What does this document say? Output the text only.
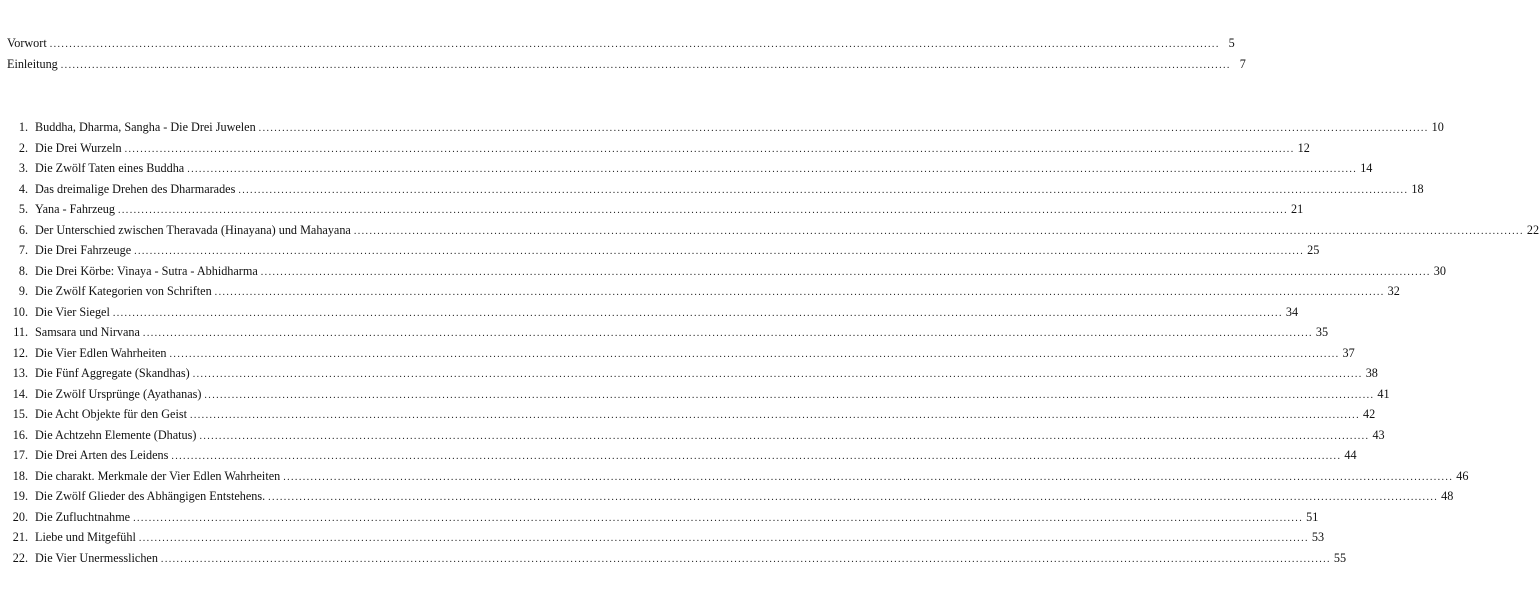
Vorwort ............................................................................................................................................................................................................................................................................................................ 5
Einleitung ............................................................................................................................................................................................................................................................................................................ 7
1. Buddha, Dharma, Sangha - Die Drei Juwelen ............................................................................................................................................................................................................................................................................................................ 10
2. Die Drei Wurzeln ............................................................................................................................................................................................................................................................................................................ 12
3. Die Zwölf Taten eines Buddha ............................................................................................................................................................................................................................................................................................................ 14
4. Das dreimalige Drehen des Dharmarades ............................................................................................................................................................................................................................................................................................................ 18
5. Yana - Fahrzeug ............................................................................................................................................................................................................................................................................................................ 21
6. Der Unterschied zwischen Theravada (Hinayana) und Mahayana ............................................................................................................................................................................................................................................................................................................ 22
7. Die Drei Fahrzeuge ............................................................................................................................................................................................................................................................................................................ 25
8. Die Drei Körbe: Vinaya - Sutra - Abhidharma ............................................................................................................................................................................................................................................................................................................ 30
9. Die Zwölf Kategorien von Schriften ............................................................................................................................................................................................................................................................................................................ 32
10. Die Vier Siegel ............................................................................................................................................................................................................................................................................................................ 34
11. Samsara und Nirvana ............................................................................................................................................................................................................................................................................................................ 35
12. Die Vier Edlen Wahrheiten ............................................................................................................................................................................................................................................................................................................ 37
13. Die Fünf Aggregate (Skandhas) ............................................................................................................................................................................................................................................................................................................ 38
14. Die Zwölf Ursprünge (Ayathanas) ............................................................................................................................................................................................................................................................................................................ 41
15. Die Acht Objekte für den Geist ............................................................................................................................................................................................................................................................................................................ 42
16. Die Achtzehn Elemente (Dhatus) ............................................................................................................................................................................................................................................................................................................ 43
17. Die Drei Arten des Leidens ............................................................................................................................................................................................................................................................................................................ 44
18. Die charakt. Merkmale der Vier Edlen Wahrheiten ............................................................................................................................................................................................................................................................................................................ 46
19. Die Zwölf Glieder des Abhängigen Entstehens. ............................................................................................................................................................................................................................................................................................................ 48
20. Die Zufluchtnahme ............................................................................................................................................................................................................................................................................................................ 51
21. Liebe und Mitgefühl ............................................................................................................................................................................................................................................................................................................ 53
22. Die Vier Unermesslichen ............................................................................................................................................................................................................................................................................................................ 55
